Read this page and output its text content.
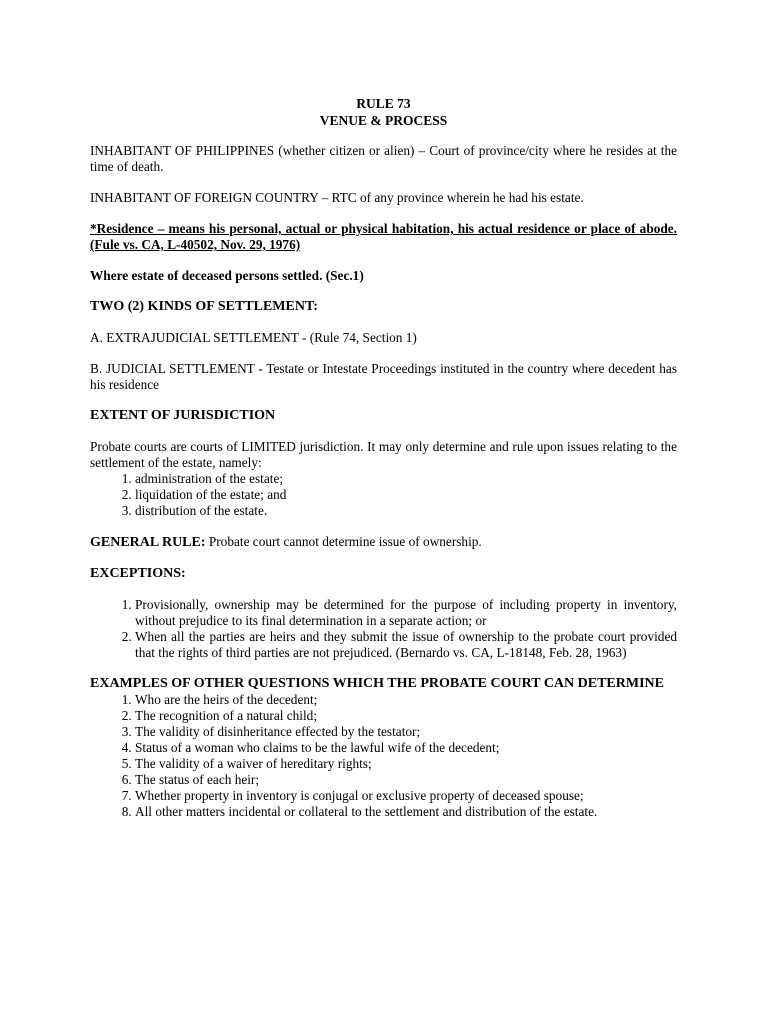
RULE 73
VENUE & PROCESS

INHABITANT OF PHILIPPINES (whether citizen or alien) – Court of province/city where he resides at the time of death.

INHABITANT OF FOREIGN COUNTRY – RTC of any province wherein he had his estate.

*Residence – means his personal, actual or physical habitation, his actual residence or place of abode. (Fule vs. CA, L-40502, Nov. 29, 1976)

Where estate of deceased persons settled. (Sec.1)

TWO (2) KINDS OF SETTLEMENT:

A. EXTRAJUDICIAL SETTLEMENT - (Rule 74, Section 1)

B. JUDICIAL SETTLEMENT - Testate or Intestate Proceedings instituted in the country where decedent has his residence

EXTENT OF JURISDICTION

Probate courts are courts of LIMITED jurisdiction. It may only determine and rule upon issues relating to the settlement of the estate, namely:

1. administration of the estate;
2. liquidation of the estate; and
3. distribution of the estate.

GENERAL RULE: Probate court cannot determine issue of ownership.

EXCEPTIONS:

1. Provisionally, ownership may be determined for the purpose of including property in inventory, without prejudice to its final determination in a separate action; or
2. When all the parties are heirs and they submit the issue of ownership to the probate court provided that the rights of third parties are not prejudiced. (Bernardo vs. CA, L-18148, Feb. 28, 1963)

EXAMPLES OF OTHER QUESTIONS WHICH THE PROBATE COURT CAN DETERMINE

1. Who are the heirs of the decedent;
2. The recognition of a natural child;
3. The validity of disinheritance effected by the testator;
4. Status of a woman who claims to be the lawful wife of the decedent;
5. The validity of a waiver of hereditary rights;
6. The status of each heir;
7. Whether property in inventory is conjugal or exclusive property of deceased spouse;
8. All other matters incidental or collateral to the settlement and distribution of the estate.
